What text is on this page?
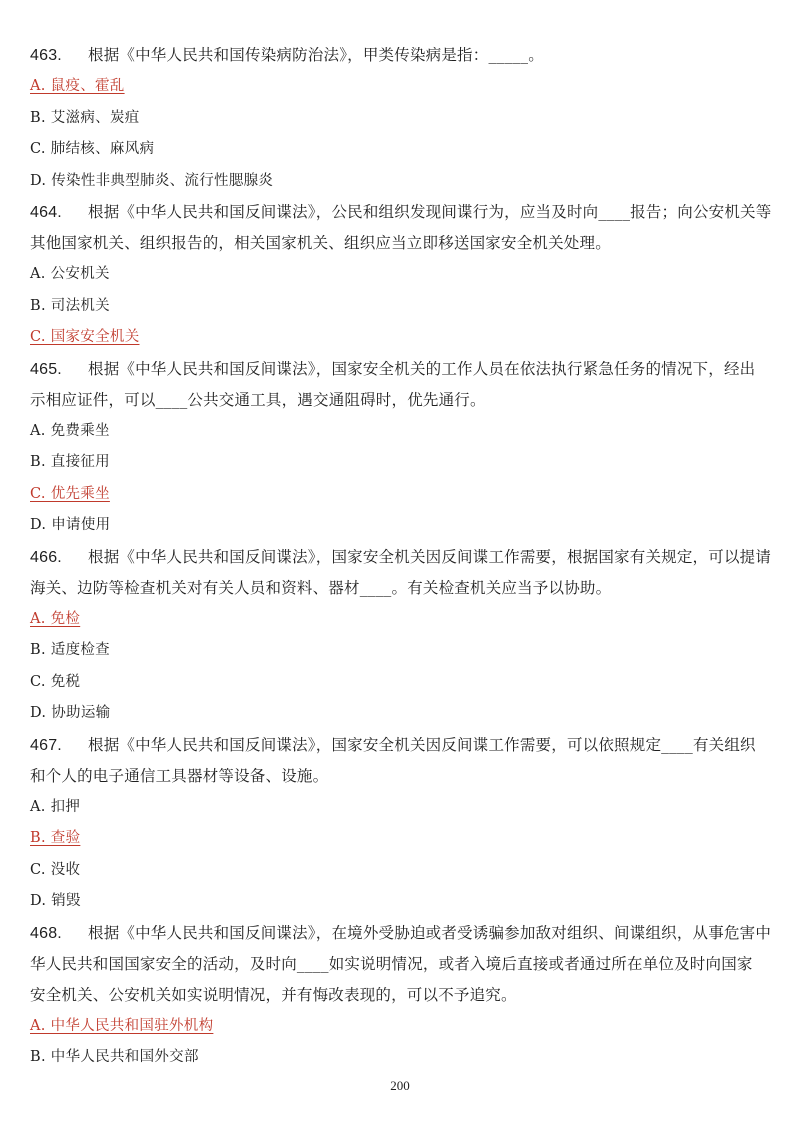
463. 根据《中华人民共和国传染病防治法》，甲类传染病是指：_____。

A. 鼠疫、霍乱

B. 艾滋病、炭疽

C. 肺结核、麻风病

D. 传染性非典型肺炎、流行性腮腺炎

464. 根据《中华人民共和国反间谍法》，公民和组织发现间谍行为，应当及时向____报告；向公安机关等
其他国家机关、组织报告的，相关国家机关、组织应当立即移送国家安全机关处理。

A. 公安机关

B. 司法机关

C. 国家安全机关

465. 根据《中华人民共和国反间谍法》，国家安全机关的工作人员在依法执行紧急任务的情况下，经出
示相应证件，可以____公共交通工具，遇交通阻碍时，优先通行。

A. 免费乘坐

B. 直接征用

C. 优先乘坐

D. 申请使用

466. 根据《中华人民共和国反间谍法》，国家安全机关因反间谍工作需要，根据国家有关规定，可以提请
海关、边防等检查机关对有关人员和资料、器材____。有关检查机关应当予以协助。

A. 免检

B. 适度检查

C. 免税

D. 协助运输

467. 根据《中华人民共和国反间谍法》，国家安全机关因反间谍工作需要，可以依照规定____有关组织
和个人的电子通信工具器材等设备、设施。

A. 扣押

B. 查验

C. 没收

D. 销毁

468. 根据《中华人民共和国反间谍法》，在境外受胁迫或者受诱骗参加敌对组织、间谍组织，从事危害中
华人民共和国国家安全的活动，及时向____如实说明情况，或者入境后直接或者通过所在单位及时向国家
安全机关、公安机关如实说明情况，并有悔改表现的，可以不予追究。

A. 中华人民共和国驻外机构

B. 中华人民共和国外交部

200
